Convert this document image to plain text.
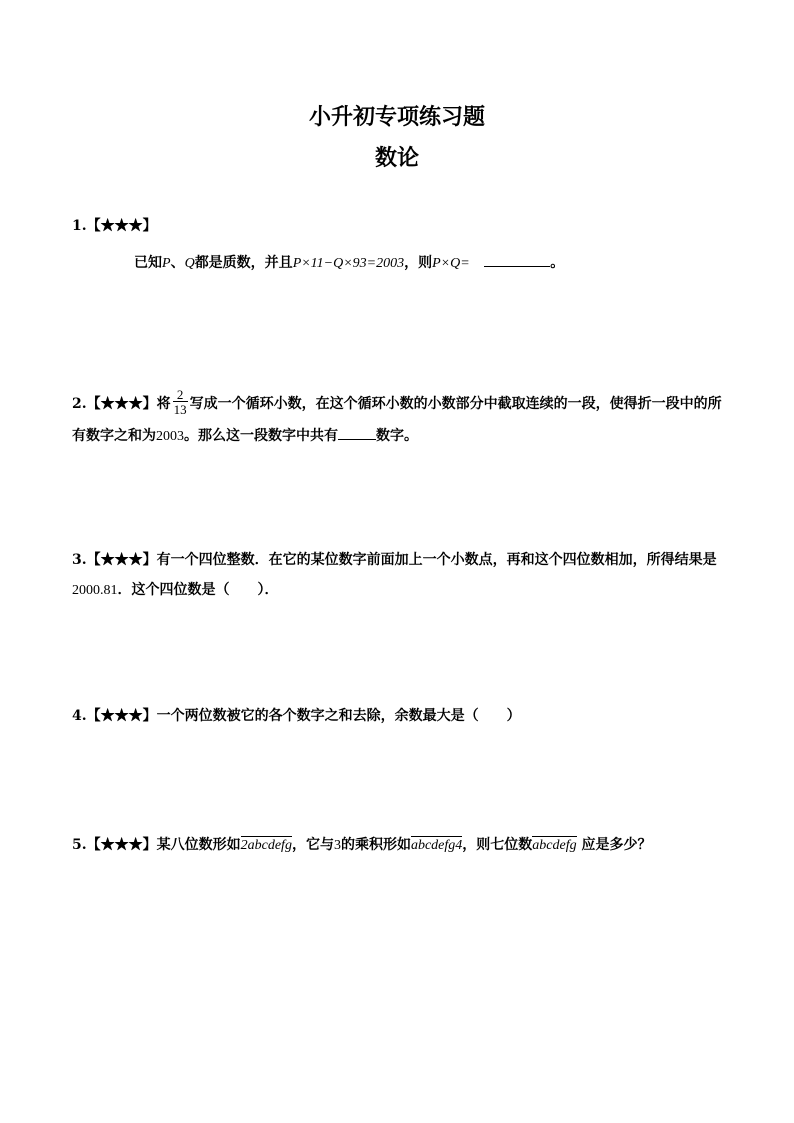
小升初专项练习题
数论
1.【★★★】
已知P、Q都是质数，并且P×11−Q×93=2003，则P×Q=	。
2.【★★★】将 $\frac{2}{13}$ 写成一个循环小数，在这个循环小数的小数部分中截取连续的一段，使得折一段中的所
有数字之和为2003。那么这一段数字中共有	数字。
3.【★★★】有一个四位整数．在它的某位数字前面加上一个小数点，再和这个四位数相加，所得结果是
2000.81．这个四位数是（　　）．
4.【★★★】一个两位数被它的各个数字之和去除，余数最大是（　　）
5.【★★★】某八位数形如2abcdefg，它与3的乘积形如abcdefg4，则七位数abcdefg 应是多少？
